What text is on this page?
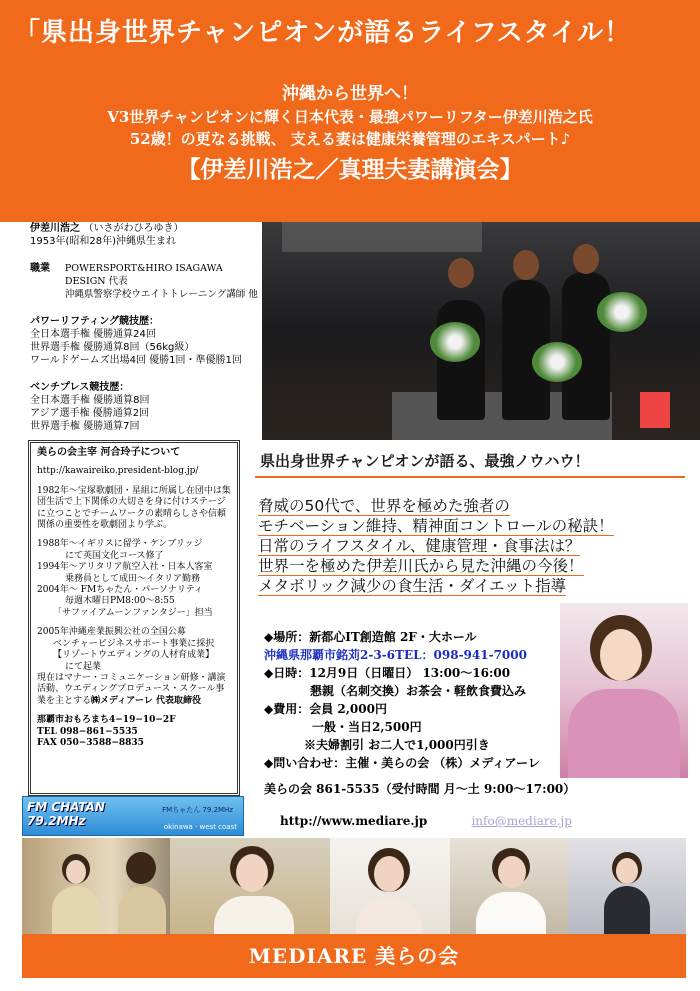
「県出身世界チャンピオンが語るライフスタイル！
沖縄から世界へ！
V3世界チャンピオンに輝く日本代表・最強パワーリフター伊差川浩之氏
52歳！の更なる挑戦、 支える妻は健康栄養管理のエキスパート♪
【伊差川浩之／真理夫妻講演会】
伊差川浩之 （いさがわひろゆき）
1953年(昭和28年)沖縄県生まれ
職業	POWERSPORT&HIRO ISAGAWA DESIGN 代表
沖縄県警察学校ウエイトトレーニング講師 他
パワーリフティング競技歴：
全日本選手権 優勝通算24回
世界選手権 優勝通算8回（56kg級）
ワールドゲームズ出場4回 優勝1回・準優勝1回
ベンチプレス競技歴：
全日本選手権 優勝通算8回
アジア選手権 優勝通算2回
世界選手権 優勝通算7回
美らの会主宰 河合玲子について
http://kawaireiko.president-blog.jp/
1982年〜宝塚歌劇団・星組に所属し在団中は集団生活で上下関係の大切さを身に付けステージに立つことでチームワークの素晴らしさや信頼関係の重要性を歌劇団より学ぶ。
1988年〜イギリスに留学・ケンブリッジ
にて英国文化コース修了
1994年〜アリタリア航空入社・日本人客室
乗務員として成田〜イタリア勤務
2004年〜 FMちゃたん・パーソナリティ
毎週木曜日PM8:00〜8:55
「サファイアムーンファンタジー」担当
2005年沖縄産業振興公社の全国公募
ベンチャービジネスサポート事業に採択
【リゾートウエディングの人材育成業】
にて起業
現在はマナー・コミュニケーション研修・講演活動、ウエディングプロデュース・スクール事業を主とする㈱メディアーレ 代表取締役
那覇市おもろまち4−19−10−2F
TEL 098−861−5535
FAX 050−3588−8835
FM CHATAN
79.2MHz
FMちゃたん 79.2MHz
okinawa · west coast
県出身世界チャンピオンが語る、最強ノウハウ！
脅威の50代で、世界を極めた強者の
モチベーション維持、精神面コントロールの秘訣！
日常のライフスタイル、健康管理・食事法は？
世界一を極めた伊差川氏から見た沖縄の今後！
メタボリック減少の食生活・ダイエット指導
◆場所：新都心IT創造館 2F・大ホール
沖縄県那覇市銘苅2-3-6TEL：098-941-7000
◆日時：12月9日（日曜日） 13:00〜16:00
懇親（名刺交換）お茶会・軽飲食費込み
◆費用：会員 2,000円
一般・当日2,500円
※夫婦割引 お二人で1,000円引き
◆問い合わせ：主催・美らの会 （株）メディアーレ
美らの会 861-5535（受付時間 月〜土 9:00〜17:00）
http://www.mediare.jp	info@mediare.jp
MEDIARE 美らの会
